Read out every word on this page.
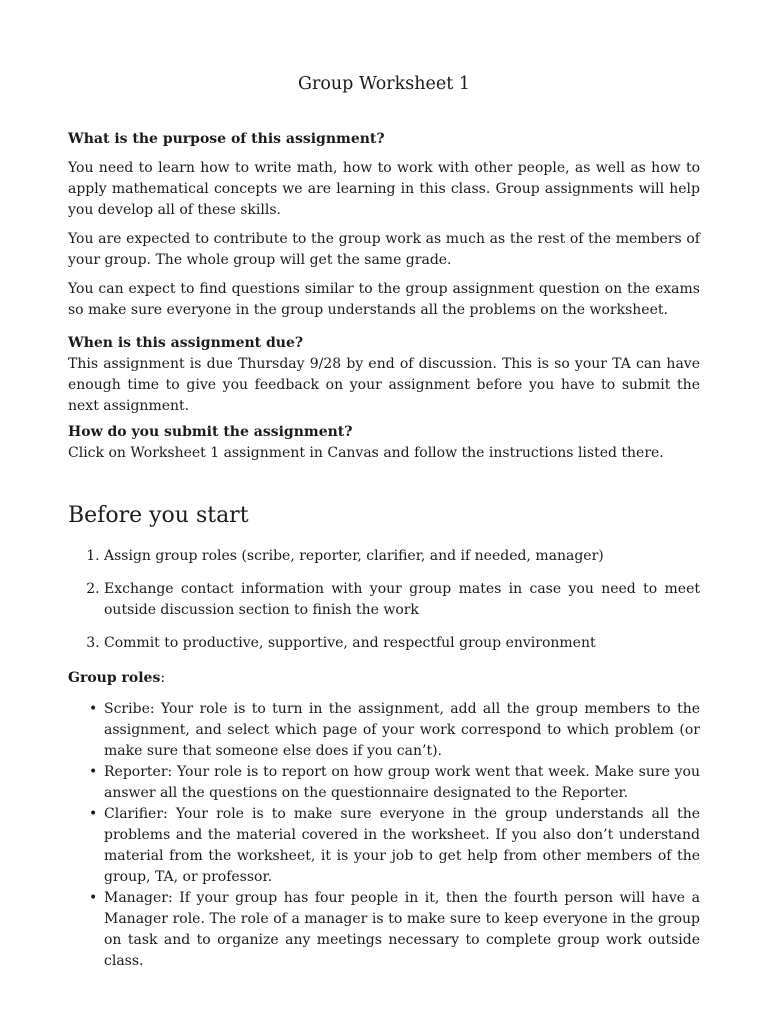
Group Worksheet 1
What is the purpose of this assignment?

You need to learn how to write math, how to work with other people, as well as how to apply mathematical concepts we are learning in this class. Group assignments will help you develop all of these skills.

You are expected to contribute to the group work as much as the rest of the members of your group. The whole group will get the same grade.

You can expect to find questions similar to the group assignment question on the exams so make sure everyone in the group understands all the problems on the worksheet.

When is this assignment due?

This assignment is due Thursday 9/28 by end of discussion. This is so your TA can have enough time to give you feedback on your assignment before you have to submit the next assignment.

How do you submit the assignment?

Click on Worksheet 1 assignment in Canvas and follow the instructions listed there.

Before you start
1. Assign group roles (scribe, reporter, clarifier, and if needed, manager)
2. Exchange contact information with your group mates in case you need to meet outside discussion section to finish the work
3. Commit to productive, supportive, and respectful group environment
Group roles:
• Scribe: Your role is to turn in the assignment, add all the group members to the assignment, and select which page of your work correspond to which problem (or make sure that someone else does if you can’t).
• Reporter: Your role is to report on how group work went that week. Make sure you answer all the questions on the questionnaire designated to the Reporter.
• Clarifier: Your role is to make sure everyone in the group understands all the problems and the material covered in the worksheet. If you also don’t understand material from the worksheet, it is your job to get help from other members of the group, TA, or professor.
• Manager: If your group has four people in it, then the fourth person will have a Manager role. The role of a manager is to make sure to keep everyone in the group on task and to organize any meetings necessary to complete group work outside class.
